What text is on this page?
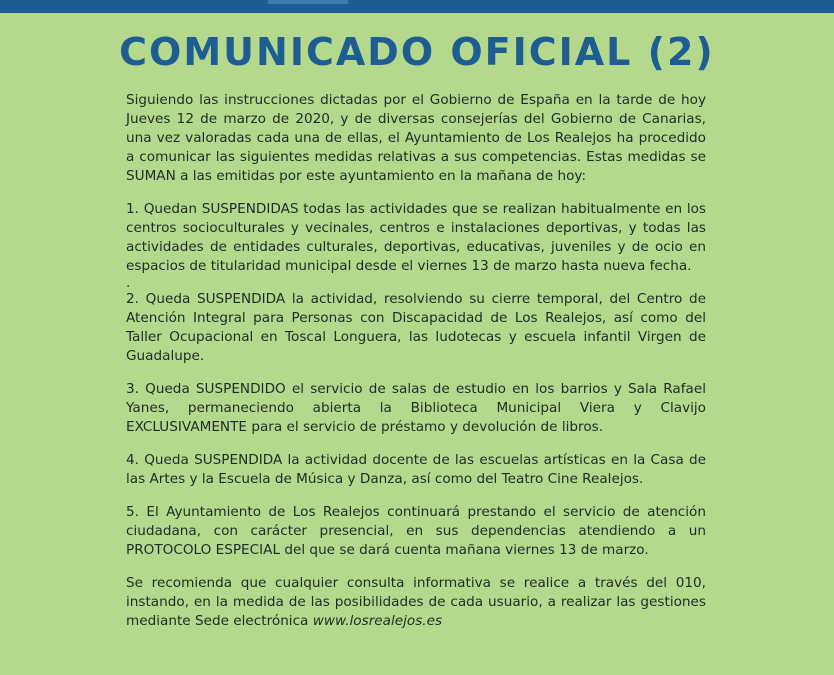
COMUNICADO OFICIAL (2)

Siguiendo las instrucciones dictadas por el Gobierno de España en la tarde de hoy Jueves 12 de marzo de 2020, y de diversas consejerías del Gobierno de Canarias, una vez valoradas cada una de ellas, el Ayuntamiento de Los Realejos ha procedido a comunicar las siguientes medidas relativas a sus competencias. Estas medidas se SUMAN a las emitidas por este ayuntamiento en la mañana de hoy:

1. Quedan SUSPENDIDAS todas las actividades que se realizan habitualmente en los centros socioculturales y vecinales, centros e instalaciones deportivas, y todas las actividades de entidades culturales, deportivas, educativas, juveniles y de ocio en espacios de titularidad municipal desde el viernes 13 de marzo hasta nueva fecha.

.

2. Queda SUSPENDIDA la actividad, resolviendo su cierre temporal, del Centro de Atención Integral para Personas con Discapacidad de Los Realejos, así como del Taller Ocupacional en Toscal Longuera, las ludotecas y escuela infantil Virgen de Guadalupe.

3. Queda SUSPENDIDO el servicio de salas de estudio en los barrios y Sala Rafael Yanes, permaneciendo abierta la Biblioteca Municipal Viera y Clavijo EXCLUSIVAMENTE para el servicio de préstamo y devolución de libros.

4. Queda SUSPENDIDA la actividad docente de las escuelas artísticas en la Casa de las Artes y la Escuela de Música y Danza, así como del Teatro Cine Realejos.

5. El Ayuntamiento de Los Realejos continuará prestando el servicio de atención ciudadana, con carácter presencial, en sus dependencias atendiendo a un PROTOCOLO ESPECIAL del que se dará cuenta mañana viernes 13 de marzo.

Se recomienda que cualquier consulta informativa se realice a través del 010, instando, en la medida de las posibilidades de cada usuario, a realizar las gestiones mediante Sede electrónica www.losrealejos.es
